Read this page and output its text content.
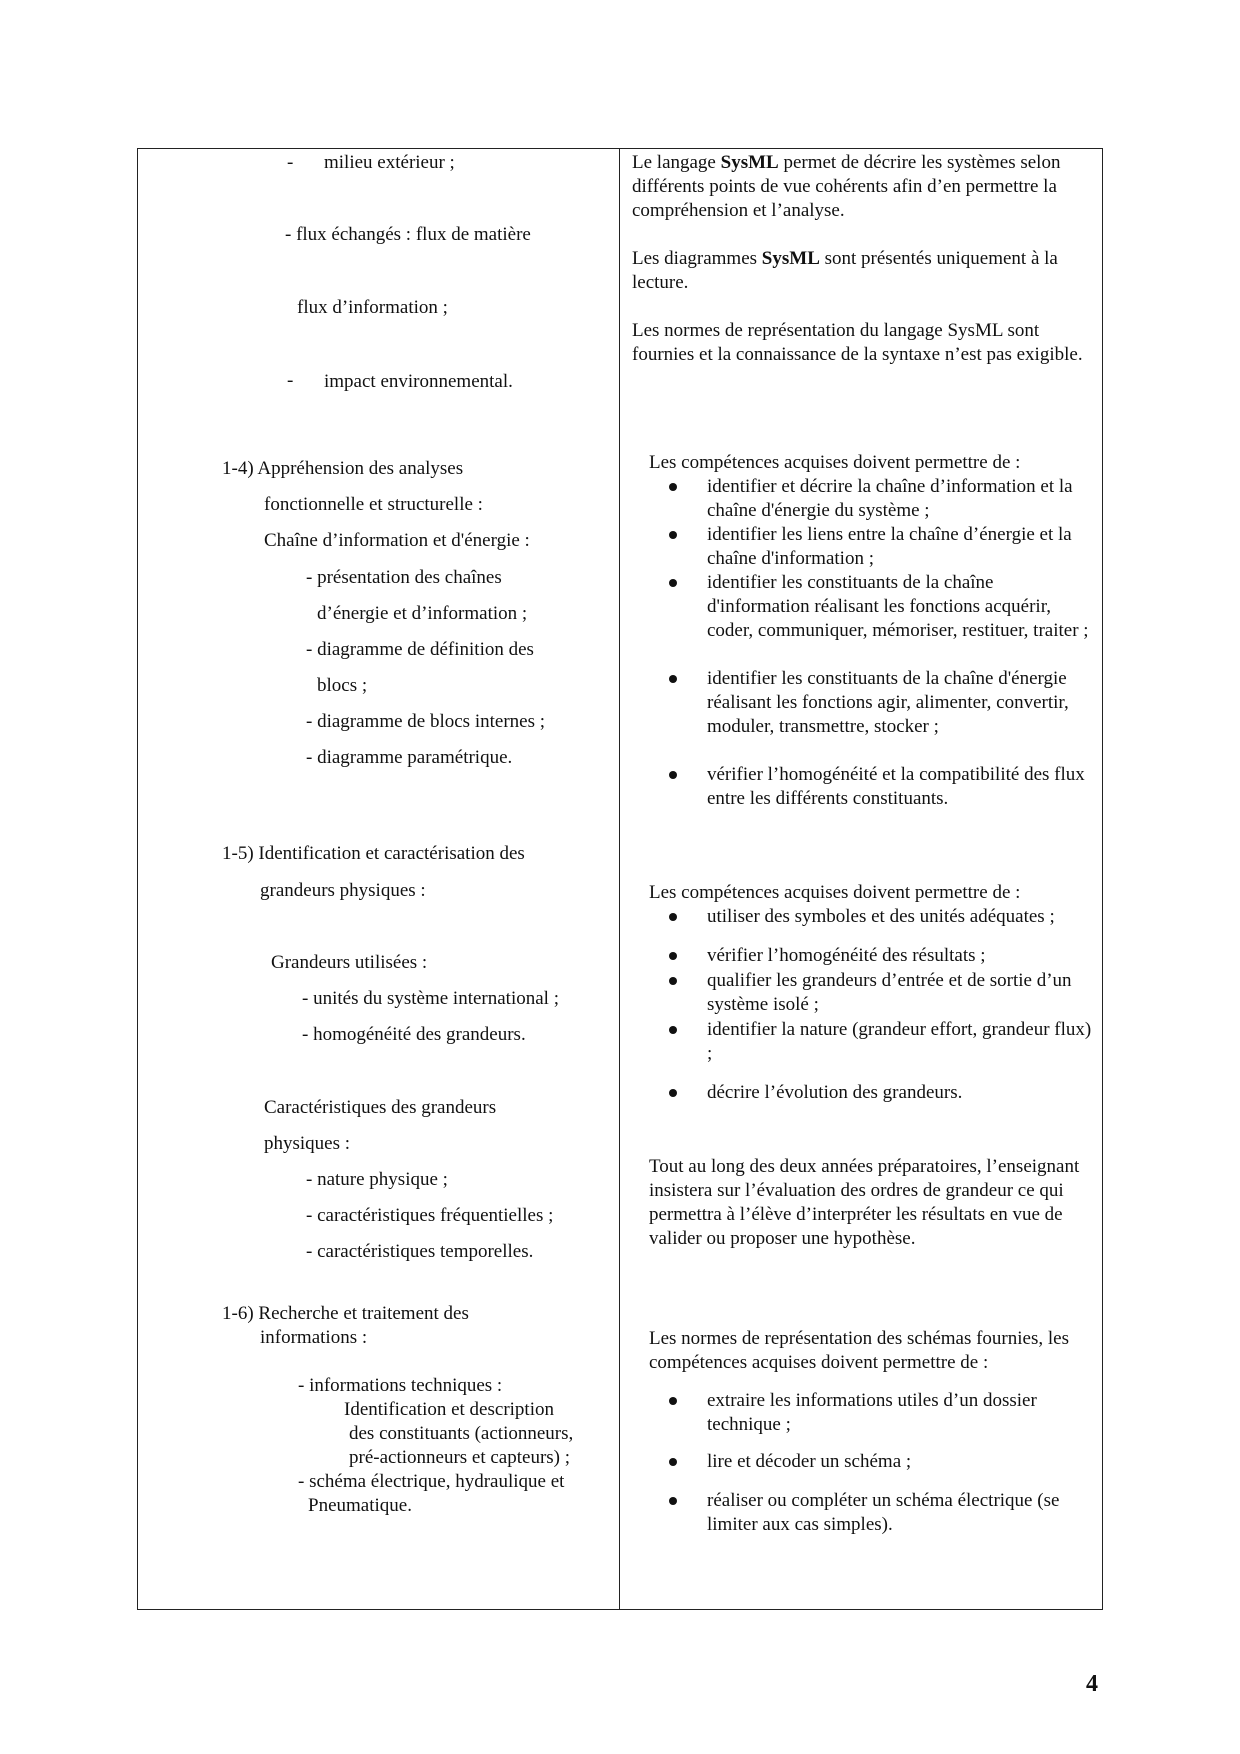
- milieu extérieur ;
- flux échangés : flux de matière
flux d’information ;
- impact environnemental.
1-4) Appréhension des analyses
fonctionnelle et structurelle :
Chaîne d’information et d'énergie :
- présentation des chaînes
d’énergie et d’information ;
- diagramme de définition des
blocs ;
- diagramme de blocs internes ;
- diagramme paramétrique.
1-5) Identification et caractérisation des
grandeurs physiques :
Grandeurs utilisées :
- unités du système international ;
- homogénéité des grandeurs.
Caractéristiques des grandeurs
physiques :
- nature physique ;
- caractéristiques fréquentielles ;
- caractéristiques temporelles.
1-6) Recherche et traitement des
informations :
- informations techniques :
Identification et description
des constituants (actionneurs,
pré-actionneurs et capteurs) ;
- schéma électrique, hydraulique et
Pneumatique.
Le langage SysML permet de décrire les systèmes selon différents points de vue cohérents afin d’en permettre la compréhension et l’analyse.
Les diagrammes SysML sont présentés uniquement à la lecture.
Les normes de représentation du langage SysML sont fournies et la connaissance de la syntaxe n’est pas exigible.
Les compétences acquises doivent permettre de :
identifier et décrire la chaîne d’information et la chaîne d'énergie du système ;
identifier les liens entre la chaîne d’énergie et la chaîne d'information ;
identifier les constituants de la chaîne d'information réalisant les fonctions acquérir, coder, communiquer, mémoriser, restituer, traiter ;
identifier les constituants de la chaîne d'énergie réalisant les fonctions agir, alimenter, convertir, moduler, transmettre, stocker ;
vérifier l’homogénéité et la compatibilité des flux entre les différents constituants.
Les compétences acquises doivent permettre de :
utiliser des symboles et des unités adéquates ;
vérifier l’homogénéité des résultats ;
qualifier les grandeurs d’entrée et de sortie d’un système isolé ;
identifier la nature (grandeur effort, grandeur flux) ;
décrire l’évolution des grandeurs.
Tout au long des deux années préparatoires, l’enseignant insistera sur l’évaluation des ordres de grandeur ce qui permettra à l’élève d’interpréter les résultats en vue de valider ou proposer une hypothèse.
Les normes de représentation des schémas fournies, les compétences acquises doivent permettre de :
extraire les informations utiles d’un dossier technique ;
lire et décoder un schéma ;
réaliser ou compléter un schéma électrique (se limiter aux cas simples).
4
